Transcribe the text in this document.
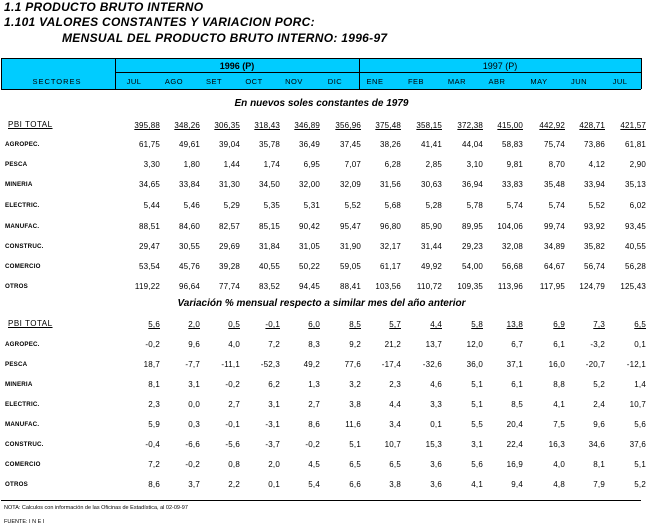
1.1 PRODUCTO BRUTO INTERNO
1.101 VALORES CONSTANTES Y VARIACION PORC:
MENSUAL DEL PRODUCTO BRUTO INTERNO: 1996-97
SECTORES
1996 (P)	1997 (P)
JUL	AGO	SET	OCT	NOV	DIC	ENE	FEB	MAR	ABR	MAY	JUN	JUL
En nuevos soles constantes de 1979
Variación % mensual respecto a similar mes del año anterior
PBI TOTAL	395,88	348,26	306,35	318,43	346,89	356,96	375,48	358,15	372,38	415,00	442,92	428,71	421,57
AGROPEC.	61,75	49,61	39,04	35,78	36,49	37,45	38,26	41,41	44,04	58,83	75,74	73,86	61,81
PESCA	3,30	1,80	1,44	1,74	6,95	7,07	6,28	2,85	3,10	9,81	8,70	4,12	2,90
MINERIA	34,65	33,84	31,30	34,50	32,00	32,09	31,56	30,63	36,94	33,83	35,48	33,94	35,13
ELECTRIC.	5,44	5,46	5,29	5,35	5,31	5,52	5,68	5,28	5,78	5,74	5,74	5,52	6,02
MANUFAC.	88,51	84,60	82,57	85,15	90,42	95,47	96,80	85,90	89,95	104,06	99,74	93,92	93,45
CONSTRUC.	29,47	30,55	29,69	31,84	31,05	31,90	32,17	31,44	29,23	32,08	34,89	35,82	40,55
COMERCIO	53,54	45,76	39,28	40,55	50,22	59,05	61,17	49,92	54,00	56,68	64,67	56,74	56,28
OTROS	119,22	96,64	77,74	83,52	94,45	88,41	103,56	110,72	109,35	113,96	117,95	124,79	125,43
PBI TOTAL	5,6	2,0	0,5	-0,1	6,0	8,5	5,7	4,4	5,8	13,8	6,9	7,3	6,5
AGROPEC.	-0,2	9,6	4,0	7,2	8,3	9,2	21,2	13,7	12,0	6,7	6,1	-3,2	0,1
PESCA	18,7	-7,7	-11,1	-52,3	49,2	77,6	-17,4	-32,6	36,0	37,1	16,0	-20,7	-12,1
MINERIA	8,1	3,1	-0,2	6,2	1,3	3,2	2,3	4,6	5,1	6,1	8,8	5,2	1,4
ELECTRIC.	2,3	0,0	2,7	3,1	2,7	3,8	4,4	3,3	5,1	8,5	4,1	2,4	10,7
MANUFAC.	5,9	0,3	-0,1	-3,1	8,6	11,6	3,4	0,1	5,5	20,4	7,5	9,6	5,6
CONSTRUC.	-0,4	-6,6	-5,6	-3,7	-0,2	5,1	10,7	15,3	3,1	22,4	16,3	34,6	37,6
COMERCIO	7,2	-0,2	0,8	2,0	4,5	6,5	6,5	3,6	5,6	16,9	4,0	8,1	5,1
OTROS	8,6	3,7	2,2	0,1	5,4	6,6	3,8	3,6	4,1	9,4	4,8	7,9	5,2
NOTA: Calculos con información de las Oficinas de Estadística, al 02-09-97
FUENTE: I N E I
